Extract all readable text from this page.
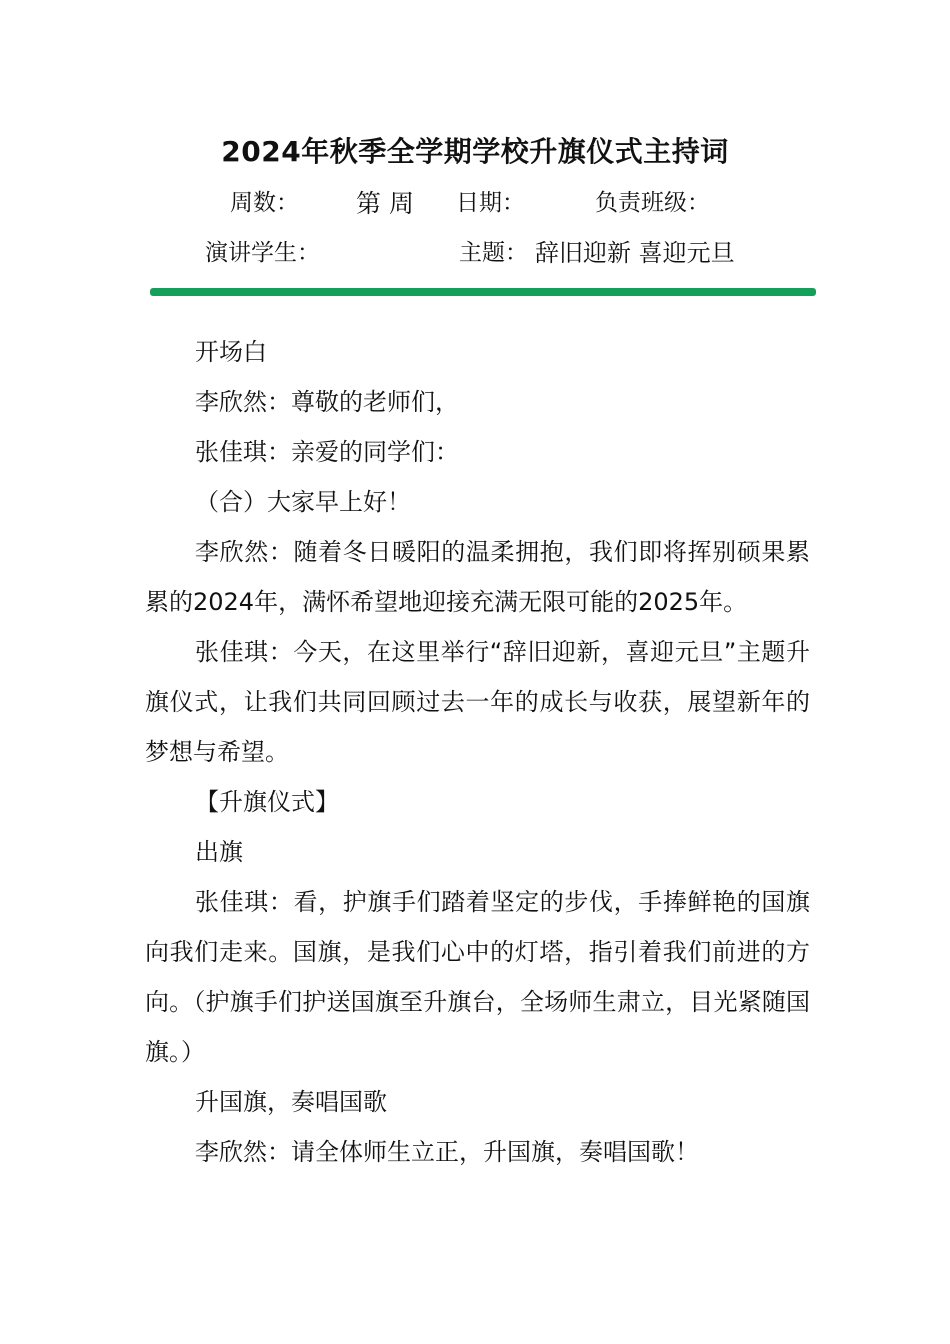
2024年秋季全学期学校升旗仪式主持词
周数： 第 周 日期：	负责班级：
演讲学生：	主题： 辞旧迎新 喜迎元旦

开场白

李欣然：尊敬的老师们，

张佳琪：亲爱的同学们：

（合）大家早上好！

李欣然：随着冬日暖阳的温柔拥抱，我们即将挥别硕果累累的2024年，满怀希望地迎接充满无限可能的2025年。

张佳琪：今天，在这里举行“辞旧迎新，喜迎元旦”主题升旗仪式，让我们共同回顾过去一年的成长与收获，展望新年的梦想与希望。

【升旗仪式】

出旗

张佳琪：看，护旗手们踏着坚定的步伐，手捧鲜艳的国旗向我们走来。国旗，是我们心中的灯塔，指引着我们前进的方向。（护旗手们护送国旗至升旗台，全场师生肃立，目光紧随国旗。）

升国旗，奏唱国歌

李欣然：请全体师生立正，升国旗，奏唱国歌！
